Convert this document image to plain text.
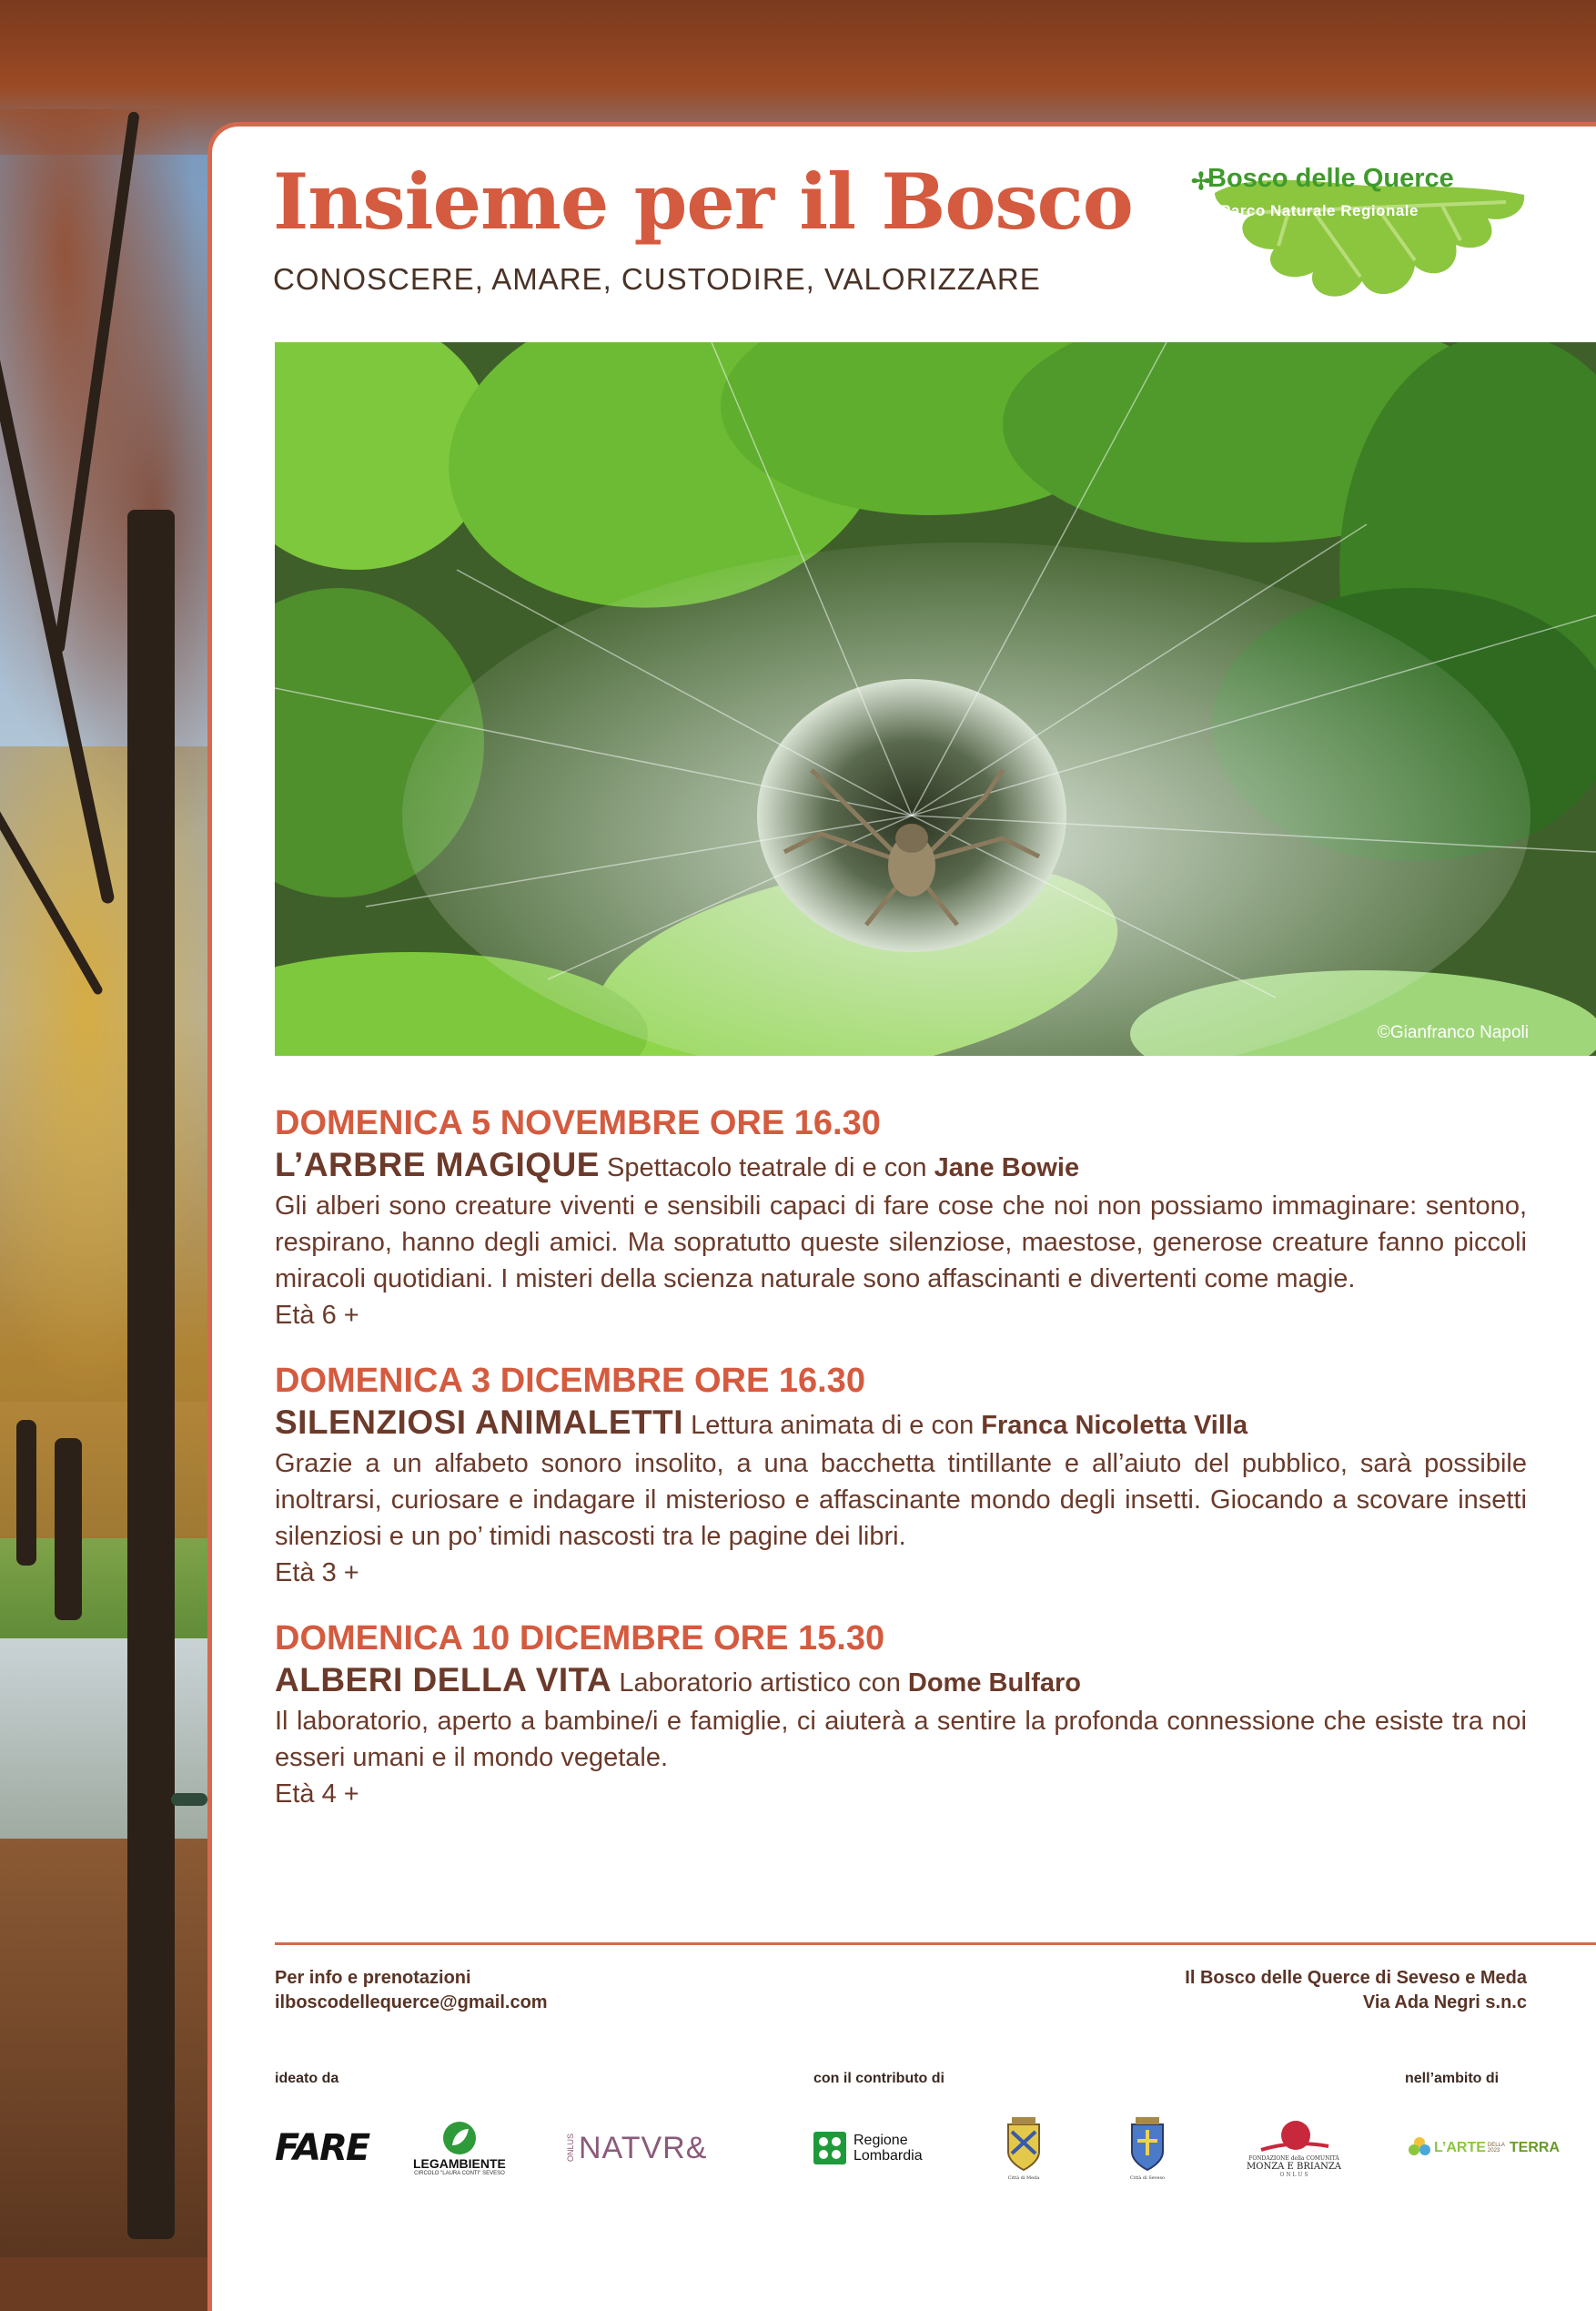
Insieme per il Bosco
CONOSCERE, AMARE, CUSTODIRE, VALORIZZARE
✢
Bosco delle Querce
Parco Naturale Regionale
©Gianfranco Napoli
DOMENICA 5 NOVEMBRE ORE 16.30
L’ARBRE MAGIQUE Spettacolo teatrale di e con Jane Bowie
Gli alberi sono creature viventi e sensibili capaci di fare cose che noi non possiamo immaginare: sentono, respirano, hanno degli amici. Ma sopratutto queste silenziose, maestose, generose creature fanno piccoli miracoli quotidiani. I misteri della scienza naturale sono affascinanti e divertenti come magie.
Età 6 +
DOMENICA 3 DICEMBRE ORE 16.30
SILENZIOSI ANIMALETTI Lettura animata di e con Franca Nicoletta Villa
Grazie a un alfabeto sonoro insolito, a una bacchetta tintillante e all’aiuto del pubblico, sarà possibile inoltrarsi, curiosare e indagare il misterioso e affascinante mondo degli insetti. Giocando a scovare insetti silenziosi e un po’ timidi nascosti tra le pagine dei libri.
Età 3 +
DOMENICA 10 DICEMBRE ORE 15.30
ALBERI DELLA VITA Laboratorio artistico con Dome Bulfaro
Il laboratorio, aperto a bambine/i e famiglie, ci aiuterà a sentire la profonda connessione che esiste tra noi esseri umani e il mondo vegetale.
Età 4 +
Per info e prenotazioni
ilboscodellequerce@gmail.com
Il Bosco delle Querce di Seveso e Meda
Via Ada Negri s.n.c
ideato da	con il contributo di	nell’ambito di
FARE	LEGAMBIENTE
CIRCOLO "LAURA CONTI" SEVESO
ONLUS NATVR&	Regione
Lombardia
Città di Meda	Città di Seveso
FONDAZIONE della COMUNITÀ
MONZA E BRIANZA
O N L U S
L’ARTE DELLA 2023 TERRA
